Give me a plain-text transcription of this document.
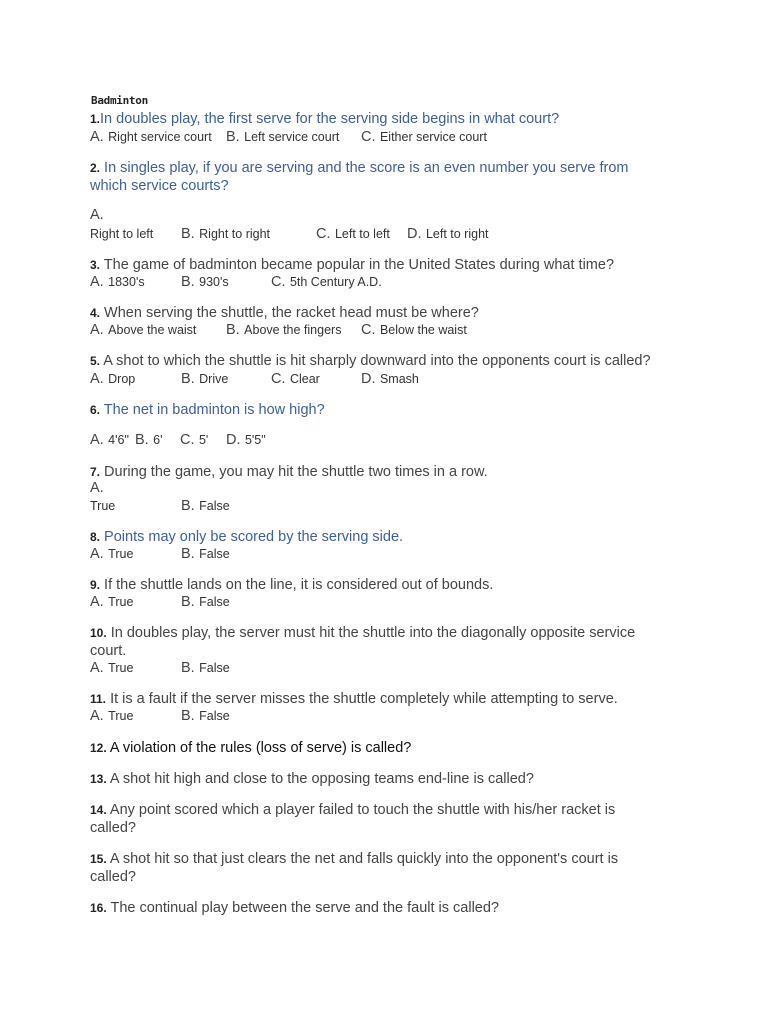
Badminton
1.In doubles play, the first serve for the serving side begins in what court?
A. Right service court B. Left service court C. Either service court
2. In singles play, if you are serving and the score is an even number you serve from which service courts?
A.
Right to left B. Right to right	C. Left to left D. Left to right
3. The game of badminton became popular in the United States during what time?
A. 1830's	B. 930's	C. 5th Century A.D.
4. When serving the shuttle, the racket head must be where?
A. Above the waist B. Above the fingers C. Below the waist
5. A shot to which the shuttle is hit sharply downward into the opponents court is called?
A. Drop	B. Drive	C. Clear	D. Smash
6. The net in badminton is how high?
A. 4'6" B. 6' C. 5' D. 5'5"
7. During the game, you may hit the shuttle two times in a row.
A.
True	B. False
8. Points may only be scored by the serving side.
A. True	B. False
9. If the shuttle lands on the line, it is considered out of bounds.
A. True	B. False
10. In doubles play, the server must hit the shuttle into the diagonally opposite service court.
A. True	B. False
11. It is a fault if the server misses the shuttle completely while attempting to serve.
A. True	B. False
12. A violation of the rules (loss of serve) is called?
13. A shot hit high and close to the opposing teams end-line is called?
14. Any point scored which a player failed to touch the shuttle with his/her racket is called?
15. A shot hit so that just clears the net and falls quickly into the opponent's court is called?
16. The continual play between the serve and the fault is called?
